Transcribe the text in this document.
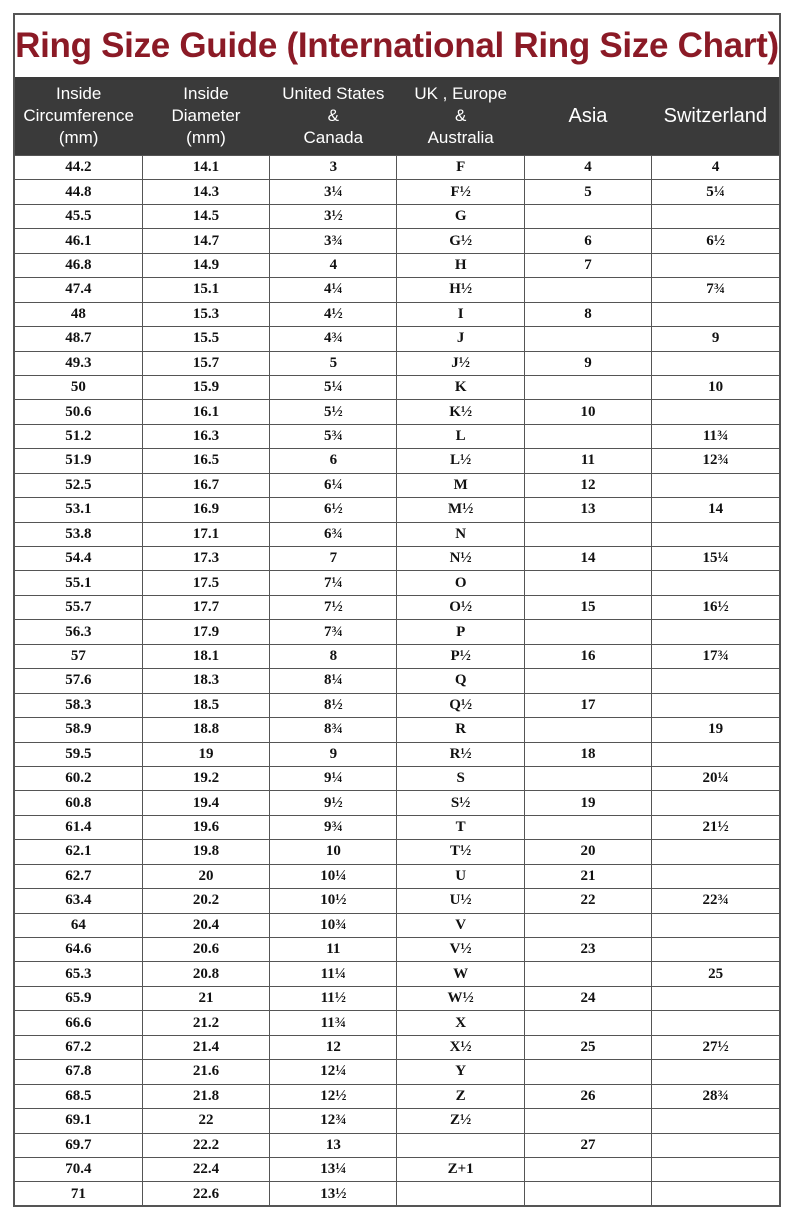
Ring Size Guide (International Ring Size Chart)
Inside
Circumference
(mm)	Inside
Diameter
(mm)	United States
&
Canada	UK , Europe
&
Australia	Asia	Switzerland

44.2	14.1	3	F	4	4
44.8	14.3	3¼	F½	5	5¼
45.5	14.5	3½	G		
46.1	14.7	3¾	G½	6	6½
46.8	14.9	4	H	7	
47.4	15.1	4¼	H½		7¾
48	15.3	4½	I	8	
48.7	15.5	4¾	J		9
49.3	15.7	5	J½	9	
50	15.9	5¼	K		10
50.6	16.1	5½	K½	10	
51.2	16.3	5¾	L		11¾
51.9	16.5	6	L½	11	12¾
52.5	16.7	6¼	M	12	
53.1	16.9	6½	M½	13	14
53.8	17.1	6¾	N		
54.4	17.3	7	N½	14	15¼
55.1	17.5	7¼	O		
55.7	17.7	7½	O½	15	16½
56.3	17.9	7¾	P		
57	18.1	8	P½	16	17¾
57.6	18.3	8¼	Q		
58.3	18.5	8½	Q½	17	
58.9	18.8	8¾	R		19
59.5	19	9	R½	18	
60.2	19.2	9¼	S		20¼
60.8	19.4	9½	S½	19	
61.4	19.6	9¾	T		21½
62.1	19.8	10	T½	20	
62.7	20	10¼	U	21	
63.4	20.2	10½	U½	22	22¾
64	20.4	10¾	V		
64.6	20.6	11	V½	23	
65.3	20.8	11¼	W		25
65.9	21	11½	W½	24	
66.6	21.2	11¾	X		
67.2	21.4	12	X½	25	27½
67.8	21.6	12¼	Y		
68.5	21.8	12½	Z	26	28¾
69.1	22	12¾	Z½		
69.7	22.2	13		27	
70.4	22.4	13¼	Z+1		
71	22.6	13½			
